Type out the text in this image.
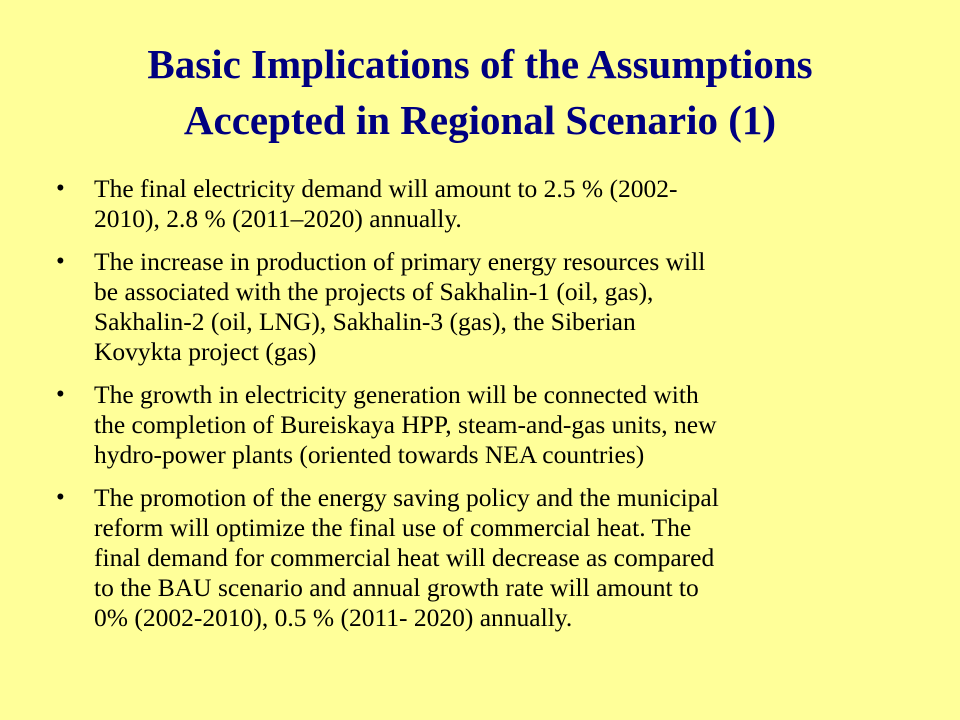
Basic Implications of the Assumptions
Accepted in Regional Scenario (1)
•	The final electricity demand will amount to 2.5 % (2002-
2010), 2.8 % (2011–2020) annually.
•	The increase in production of primary energy resources will
be associated with the projects of Sakhalin-1 (oil, gas),
Sakhalin-2 (oil, LNG), Sakhalin-3 (gas), the Siberian
Kovykta project (gas)
•	The growth in electricity generation will be connected with
the completion of Bureiskaya HPP, steam-and-gas units, new
hydro-power plants (oriented towards NEA countries)
•	The promotion of the energy saving policy and the municipal
reform will optimize the final use of commercial heat. The
final demand for commercial heat will decrease as compared
to the BAU scenario and annual growth rate will amount to
0% (2002-2010), 0.5 % (2011- 2020) annually.
